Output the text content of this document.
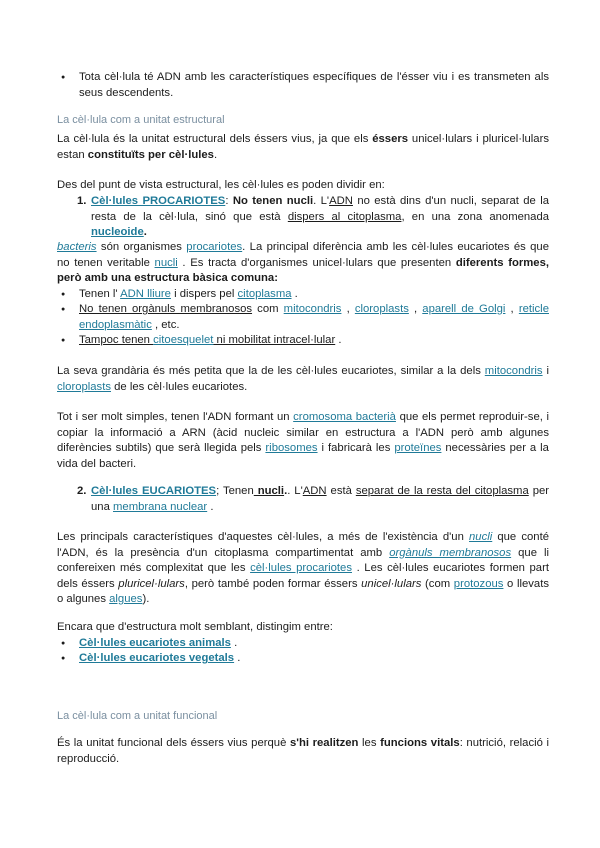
● Tota cèl·lula té ADN amb les característiques específiques de l'ésser viu i es transmeten als seus descendents.
La cèl·lula com a unitat estructural
La cèl·lula és la unitat estructural dels éssers vius, ja que els éssers unicel·lulars i pluricel·lulars estan constituïts per cèl·lules.
Des del punt de vista estructural, les cèl·lules es poden dividir en:
1. Cèl·lules PROCARIOTES: No tenen nucli. L'ADN no està dins d'un nucli, separat de la resta de la cèl·lula, sinó que està dispers al citoplasma, en una zona anomenada nucleoide.
bacteris són organismes procariotes. La principal diferència amb les cèl·lules eucariotes és que no tenen veritable nucli . Es tracta d'organismes unicel·lulars que presenten diferents formes, però amb una estructura bàsica comuna:
● Tenen l' ADN lliure i dispers pel citoplasma .
● No tenen orgànuls membranosos com mitocondris , cloroplasts , aparell de Golgi , reticle endoplasmàtic , etc.
● Tampoc tenen citoesquelet ni mobilitat intracel·lular .
La seva grandària és més petita que la de les cèl·lules eucariotes, similar a la dels mitocondris i cloroplasts de les cèl·lules eucariotes.
Tot i ser molt simples, tenen l'ADN formant un cromosoma bacterià que els permet reproduir-se, i copiar la informació a ARN (àcid nucleic similar en estructura a l'ADN però amb algunes diferències subtils) que serà llegida pels ribosomes i fabricarà les proteïnes necessàries per a la vida del bacteri.
2. Cèl·lules EUCARIOTES; Tenen nucli.. L'ADN està separat de la resta del citoplasma per una membrana nuclear .
Les principals característiques d'aquestes cèl·lules, a més de l'existència d'un nucli que conté l'ADN, és la presència d'un citoplasma compartimentat amb orgànuls membranosos que li confereixen més complexitat que les cèl·lules procariotes . Les cèl·lules eucariotes formen part dels éssers pluricel·lulars, però també poden formar éssers unicel·lulars (com protozous o llevats o algunes algues).
Encara que d'estructura molt semblant, distingim entre:
● Cèl·lules eucariotes animals .
● Cèl·lules eucariotes vegetals .
La cèl·lula com a unitat funcional
És la unitat funcional dels éssers vius perquè s'hi realitzen les funcions vitals: nutrició, relació i reproducció.
